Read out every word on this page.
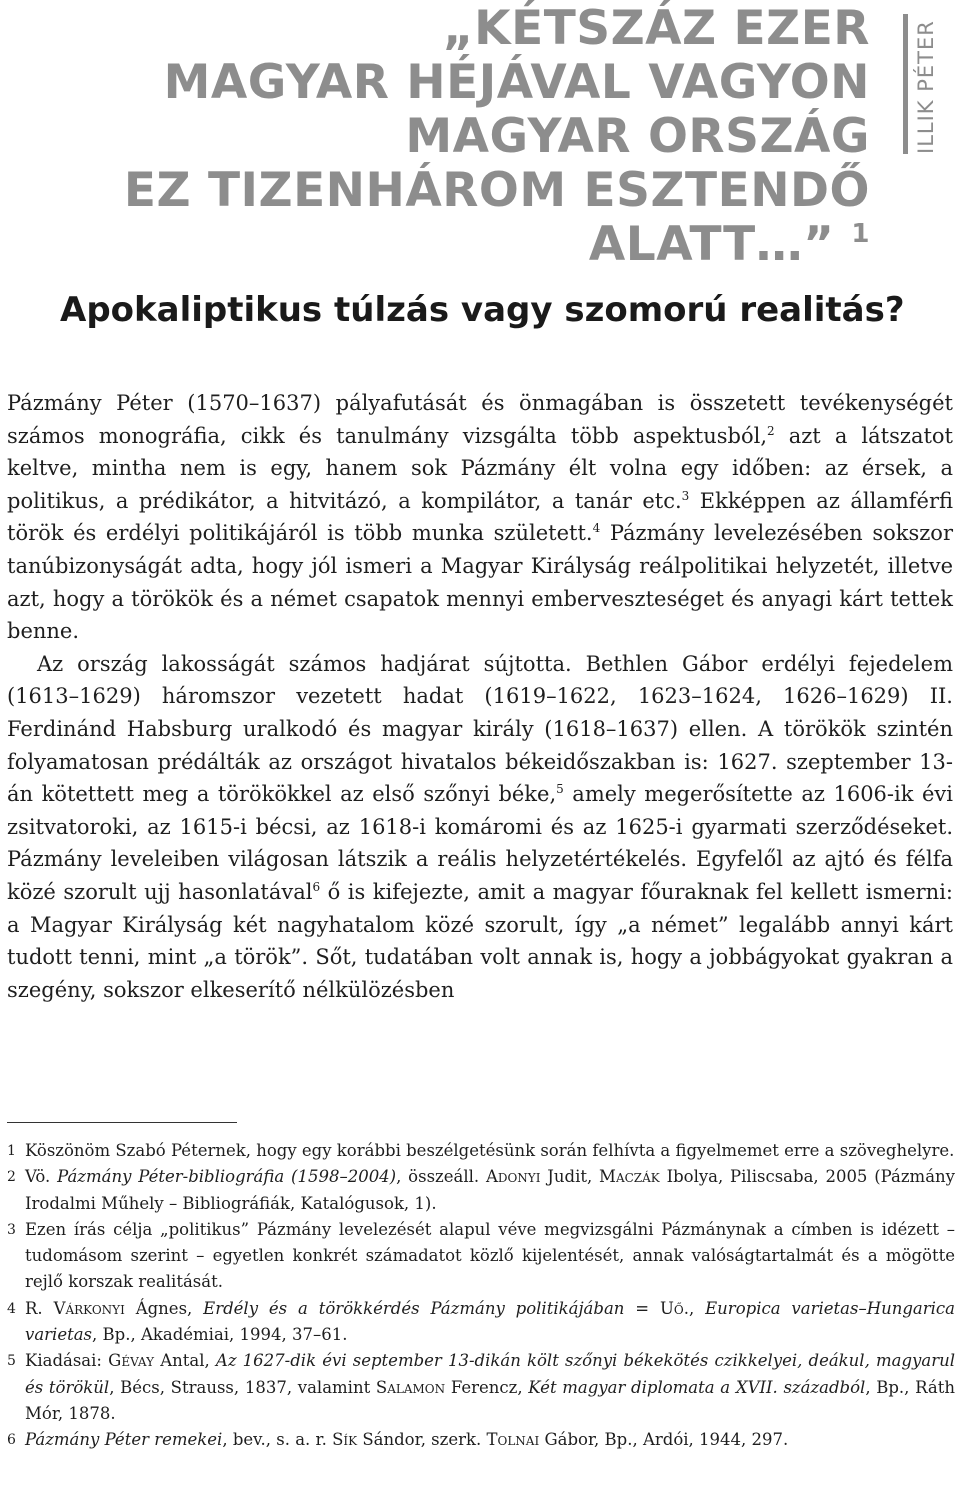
„KÉTSZÁZ EZER
MAGYAR HÉJÁVAL VAGYON
MAGYAR ORSZÁG
EZ TIZENHÁROM ESZTENDŐ
ALATT…” $^1$
ILLIK PÉTER
Apokaliptikus túlzás vagy szomorú realitás?

Pázmány Péter (1570–1637) pályafutását és önmagában is összetett tevékenységét számos monográfia, cikk és tanulmány vizsgálta több aspektusból,$^2$ azt a látszatot keltve, mintha nem is egy, hanem sok Pázmány élt volna egy időben: az érsek, a politikus, a prédikátor, a hitvitázó, a kompilátor, a tanár etc.$^3$ Ekképpen az államférfi török és erdélyi politikájáról is több munka született.$^4$ Pázmány levelezésében sokszor tanúbizonyságát adta, hogy jól ismeri a Magyar Királyság reálpolitikai helyzetét, illetve azt, hogy a törökök és a német csapatok mennyi emberveszteséget és anyagi kárt tettek benne.

Az ország lakosságát számos hadjárat sújtotta. Bethlen Gábor erdélyi fejedelem (1613–1629) háromszor vezetett hadat (1619–1622, 1623–1624, 1626–1629) II. Ferdinánd Habsburg uralkodó és magyar király (1618–1637) ellen. A törökök szintén folyamatosan prédálták az országot hivatalos békeidőszakban is: 1627. szeptember 13-án kötettett meg a törökökkel az első szőnyi béke,$^5$ amely megerősítette az 1606-ik évi zsitvatoroki, az 1615-i bécsi, az 1618-i komáromi és az 1625-i gyarmati szerződéseket. Pázmány leveleiben világosan látszik a reális helyzetértékelés. Egyfelől az ajtó és félfa közé szorult ujj hasonlatával$^6$ ő is kifejezte, amit a magyar főuraknak fel kellett ismerni: a Magyar Királyság két nagyhatalom közé szorult, így „a német” legalább annyi kárt tudott tenni, mint „a török”. Sőt, tudatában volt annak is, hogy a jobbágyokat gyakran a szegény, sokszor elkeserítő nélkülözésben

1 Köszönöm Szabó Péternek, hogy egy korábbi beszélgetésünk során felhívta a figyelmemet erre a szöveghelyre.
2 Vö. Pázmány Péter-bibliográfia (1598–2004), összeáll. Adonyi Judit, Maczák Ibolya, Piliscsaba, 2005 (Pázmány Irodalmi Műhely – Bibliográfiák, Katalógusok, 1).
3 Ezen írás célja „politikus” Pázmány levelezését alapul véve megvizsgálni Pázmánynak a címben is idézett – tudomásom szerint – egyetlen konkrét számadatot közlő kijelentését, annak valóságtartalmát és a mögötte rejlő korszak realitását.
4 R. Várkonyi Ágnes, Erdély és a törökkérdés Pázmány politikájában = Uő., Europica varietas–Hungarica varietas, Bp., Akadémiai, 1994, 37–61.
5 Kiadásai: Gévay Antal, Az 1627-dik évi september 13-dikán költ szőnyi békekötés czikkelyei, deákul, magyarul és törökül, Bécs, Strauss, 1837, valamint Salamon Ferencz, Két magyar diplomata a XVII. századból, Bp., Ráth Mór, 1878.
6 Pázmány Péter remekei, bev., s. a. r. Sík Sándor, szerk. Tolnai Gábor, Bp., Ardói, 1944, 297.
